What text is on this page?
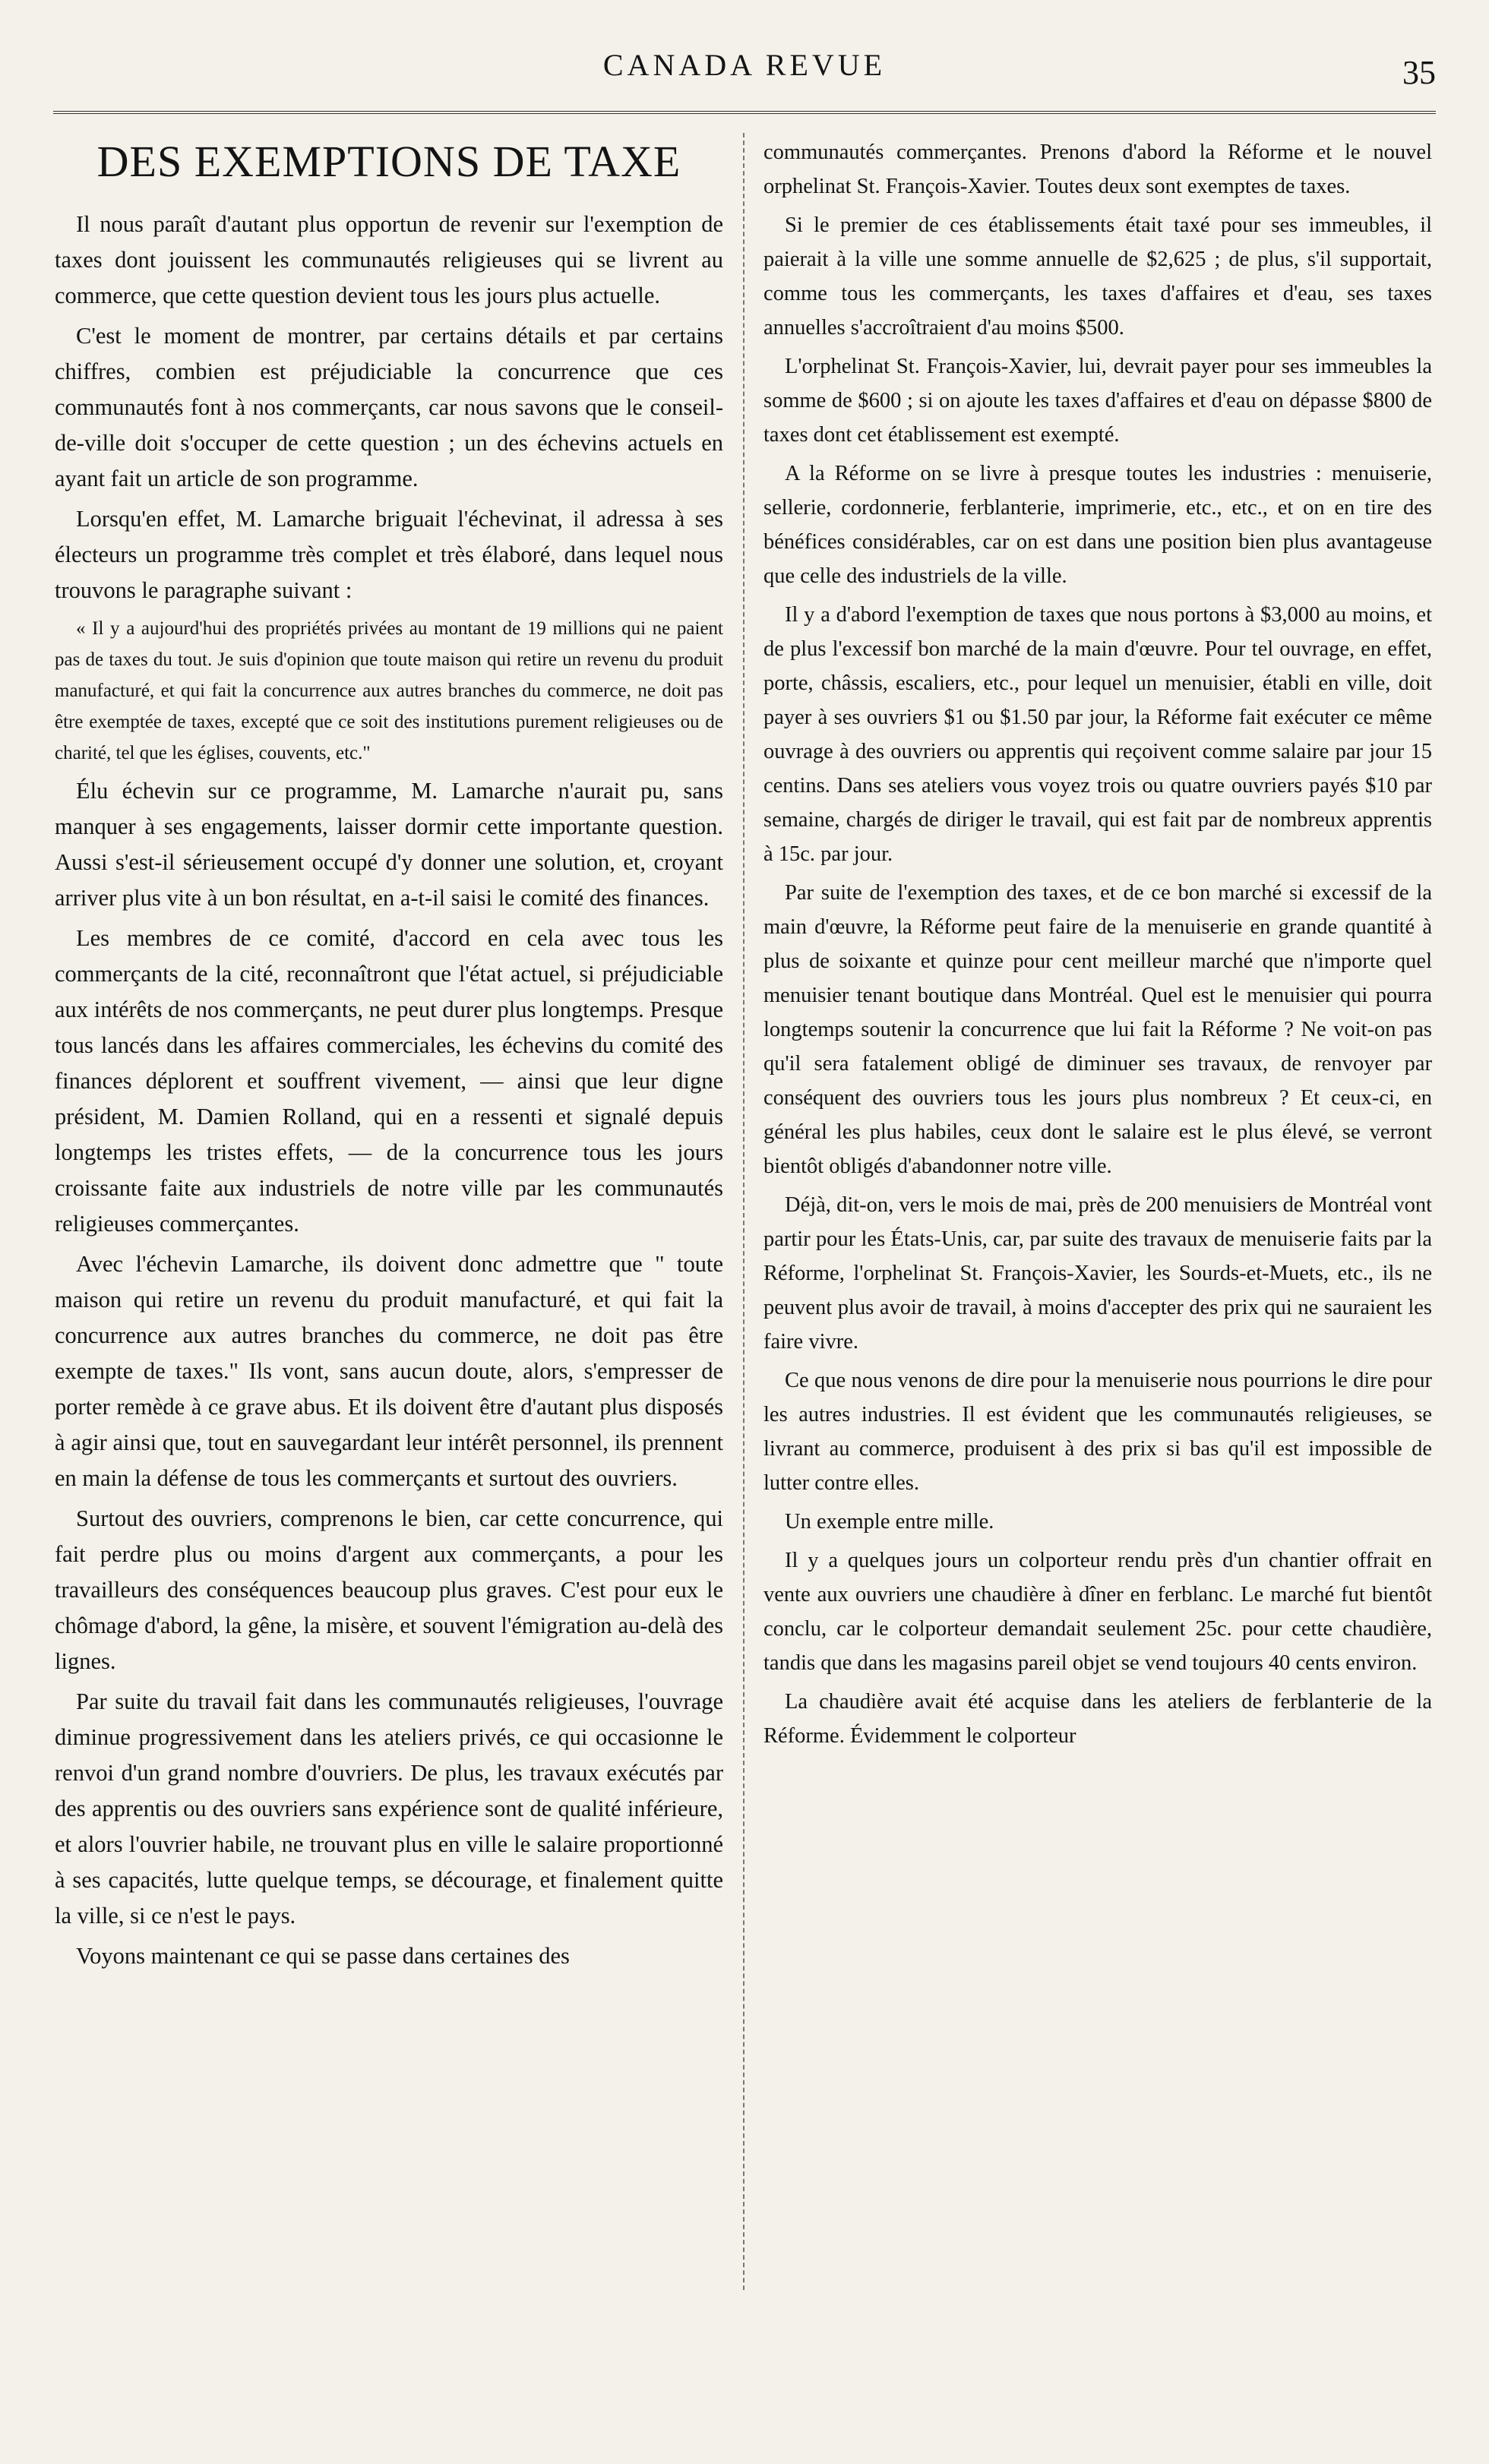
CANADA REVUE	35
DES EXEMPTIONS DE TAXE

Il nous paraît d'autant plus opportun de revenir sur l'exemption de taxes dont jouissent les communautés religieuses qui se livrent au commerce, que cette question devient tous les jours plus actuelle.

C'est le moment de montrer, par certains détails et par certains chiffres, combien est préjudiciable la concurrence que ces communautés font à nos commerçants, car nous savons que le conseil-de-ville doit s'occuper de cette question ; un des échevins actuels en ayant fait un article de son programme.

Lorsqu'en effet, M. Lamarche briguait l'échevinat, il adressa à ses électeurs un programme très complet et très élaboré, dans lequel nous trouvons le paragraphe suivant :

« Il y a aujourd'hui des propriétés privées au montant de 19 millions qui ne paient pas de taxes du tout. Je suis d'opinion que toute maison qui retire un revenu du produit manufacturé, et qui fait la concurrence aux autres branches du commerce, ne doit pas être exemptée de taxes, excepté que ce soit des institutions purement religieuses ou de charité, tel que les églises, couvents, etc."

Élu échevin sur ce programme, M. Lamarche n'aurait pu, sans manquer à ses engagements, laisser dormir cette importante question. Aussi s'est-il sérieusement occupé d'y donner une solution, et, croyant arriver plus vite à un bon résultat, en a-t-il saisi le comité des finances.

Les membres de ce comité, d'accord en cela avec tous les commerçants de la cité, reconnaîtront que l'état actuel, si préjudiciable aux intérêts de nos commerçants, ne peut durer plus longtemps. Presque tous lancés dans les affaires commerciales, les échevins du comité des finances déplorent et souffrent vivement, — ainsi que leur digne président, M. Damien Rolland, qui en a ressenti et signalé depuis longtemps les tristes effets, — de la concurrence tous les jours croissante faite aux industriels de notre ville par les communautés religieuses commerçantes.

Avec l'échevin Lamarche, ils doivent donc admettre que " toute maison qui retire un revenu du produit manufacturé, et qui fait la concurrence aux autres branches du commerce, ne doit pas être exempte de taxes." Ils vont, sans aucun doute, alors, s'empresser de porter remède à ce grave abus. Et ils doivent être d'autant plus disposés à agir ainsi que, tout en sauvegardant leur intérêt personnel, ils prennent en main la défense de tous les commerçants et surtout des ouvriers.

Surtout des ouvriers, comprenons le bien, car cette concurrence, qui fait perdre plus ou moins d'argent aux commerçants, a pour les travailleurs des conséquences beaucoup plus graves. C'est pour eux le chômage d'abord, la gêne, la misère, et souvent l'émigration au-delà des lignes.

Par suite du travail fait dans les communautés religieuses, l'ouvrage diminue progressivement dans les ateliers privés, ce qui occasionne le renvoi d'un grand nombre d'ouvriers. De plus, les travaux exécutés par des apprentis ou des ouvriers sans expérience sont de qualité inférieure, et alors l'ouvrier habile, ne trouvant plus en ville le salaire proportionné à ses capacités, lutte quelque temps, se décourage, et finalement quitte la ville, si ce n'est le pays.

Voyons maintenant ce qui se passe dans certaines des

communautés commerçantes. Prenons d'abord la Réforme et le nouvel orphelinat St. François-Xavier. Toutes deux sont exemptes de taxes.

Si le premier de ces établissements était taxé pour ses immeubles, il paierait à la ville une somme annuelle de $2,625 ; de plus, s'il supportait, comme tous les commerçants, les taxes d'affaires et d'eau, ses taxes annuelles s'accroîtraient d'au moins $500.

L'orphelinat St. François-Xavier, lui, devrait payer pour ses immeubles la somme de $600 ; si on ajoute les taxes d'affaires et d'eau on dépasse $800 de taxes dont cet établissement est exempté.

A la Réforme on se livre à presque toutes les industries : menuiserie, sellerie, cordonnerie, ferblanterie, imprimerie, etc., etc., et on en tire des bénéfices considérables, car on est dans une position bien plus avantageuse que celle des industriels de la ville.

Il y a d'abord l'exemption de taxes que nous portons à $3,000 au moins, et de plus l'excessif bon marché de la main d'œuvre. Pour tel ouvrage, en effet, porte, châssis, escaliers, etc., pour lequel un menuisier, établi en ville, doit payer à ses ouvriers $1 ou $1.50 par jour, la Réforme fait exécuter ce même ouvrage à des ouvriers ou apprentis qui reçoivent comme salaire par jour 15 centins. Dans ses ateliers vous voyez trois ou quatre ouvriers payés $10 par semaine, chargés de diriger le travail, qui est fait par de nombreux apprentis à 15c. par jour.

Par suite de l'exemption des taxes, et de ce bon marché si excessif de la main d'œuvre, la Réforme peut faire de la menuiserie en grande quantité à plus de soixante et quinze pour cent meilleur marché que n'importe quel menuisier tenant boutique dans Montréal. Quel est le menuisier qui pourra longtemps soutenir la concurrence que lui fait la Réforme ? Ne voit-on pas qu'il sera fatalement obligé de diminuer ses travaux, de renvoyer par conséquent des ouvriers tous les jours plus nombreux ? Et ceux-ci, en général les plus habiles, ceux dont le salaire est le plus élevé, se verront bientôt obligés d'abandonner notre ville.

Déjà, dit-on, vers le mois de mai, près de 200 menuisiers de Montréal vont partir pour les États-Unis, car, par suite des travaux de menuiserie faits par la Réforme, l'orphelinat St. François-Xavier, les Sourds-et-Muets, etc., ils ne peuvent plus avoir de travail, à moins d'accepter des prix qui ne sauraient les faire vivre.

Ce que nous venons de dire pour la menuiserie nous pourrions le dire pour les autres industries. Il est évident que les communautés religieuses, se livrant au commerce, produisent à des prix si bas qu'il est impossible de lutter contre elles.

Un exemple entre mille.

Il y a quelques jours un colporteur rendu près d'un chantier offrait en vente aux ouvriers une chaudière à dîner en ferblanc. Le marché fut bientôt conclu, car le colporteur demandait seulement 25c. pour cette chaudière, tandis que dans les magasins pareil objet se vend toujours 40 cents environ.

La chaudière avait été acquise dans les ateliers de ferblanterie de la Réforme. Évidemment le colporteur
